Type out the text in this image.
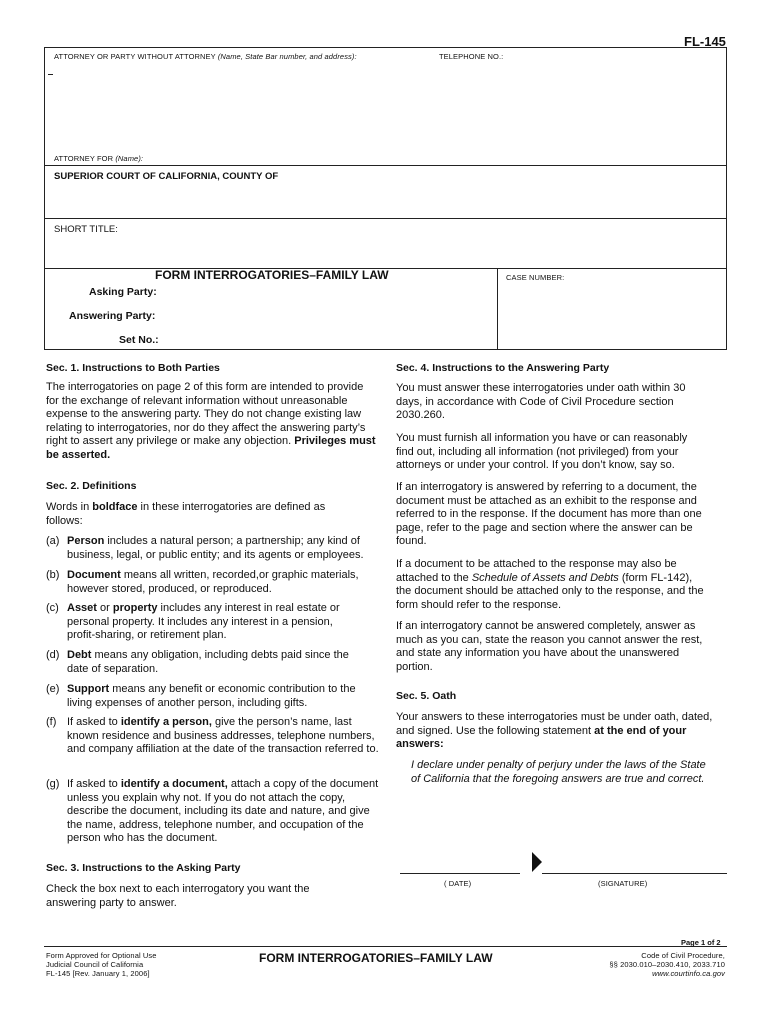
FL-145
ATTORNEY OR PARTY WITHOUT ATTORNEY (Name, State Bar number, and address):	TELEPHONE NO.:
ATTORNEY FOR (Name):
SUPERIOR COURT OF CALIFORNIA, COUNTY OF
SHORT TITLE:
FORM INTERROGATORIES–FAMILY LAW	CASE NUMBER:
Asking Party:
Answering Party:
Set No.:
Sec. 1. Instructions to Both Parties
The interrogatories on page 2 of this form are intended to provide for the exchange of relevant information without unreasonable expense to the answering party. They do not change existing law relating to interrogatories, nor do they affect the answering party’s right to assert any privilege or make any objection. Privileges must be asserted.
Sec. 2. Definitions
Words in boldface in these interrogatories are defined as follows:
(a) Person includes a natural person; a partnership; any kind of business, legal, or public entity; and its agents or employees.
(b) Document means all written, recorded,or graphic materials, however stored, produced, or reproduced.
(c) Asset or property includes any interest in real estate or personal property. It includes any interest in a pension, profit-sharing, or retirement plan.
(d) Debt means any obligation, including debts paid since the date of separation.
(e) Support means any benefit or economic contribution to the living expenses of another person, including gifts.
(f) If asked to identify a person, give the person’s name, last known residence and business addresses, telephone numbers, and company affiliation at the date of the transaction referred to.
(g) If asked to identify a document, attach a copy of the document unless you explain why not. If you do not attach the copy, describe the document, including its date and nature, and give the name, address, telephone number, and occupation of the person who has the document.
Sec. 3. Instructions to the Asking Party
Check the box next to each interrogatory you want the answering party to answer.
Sec. 4. Instructions to the Answering Party
You must answer these interrogatories under oath within 30 days, in accordance with Code of Civil Procedure section 2030.260.
You must furnish all information you have or can reasonably find out, including all information (not privileged) from your attorneys or under your control. If you don’t know, say so.
If an interrogatory is answered by referring to a document, the document must be attached as an exhibit to the response and referred to in the response. If the document has more than one page, refer to the page and section where the answer can be found.
If a document to be attached to the response may also be attached to the Schedule of Assets and Debts (form FL-142), the document should be attached only to the response, and the form should refer to the response.
If an interrogatory cannot be answered completely, answer as much as you can, state the reason you cannot answer the rest, and state any information you have about the unanswered portion.
Sec. 5. Oath
Your answers to these interrogatories must be under oath, dated, and signed. Use the following statement at the end of your answers:
I declare under penalty of perjury under the laws of the State of California that the foregoing answers are true and correct.
( DATE)	(SIGNATURE)
Page 1 of 2
Form Approved for Optional Use
Judicial Council of California
FL-145 [Rev. January 1, 2006]
FORM INTERROGATORIES–FAMILY LAW	Code of Civil Procedure,
§§ 2030.010–2030.410, 2033.710
www.courtinfo.ca.gov
